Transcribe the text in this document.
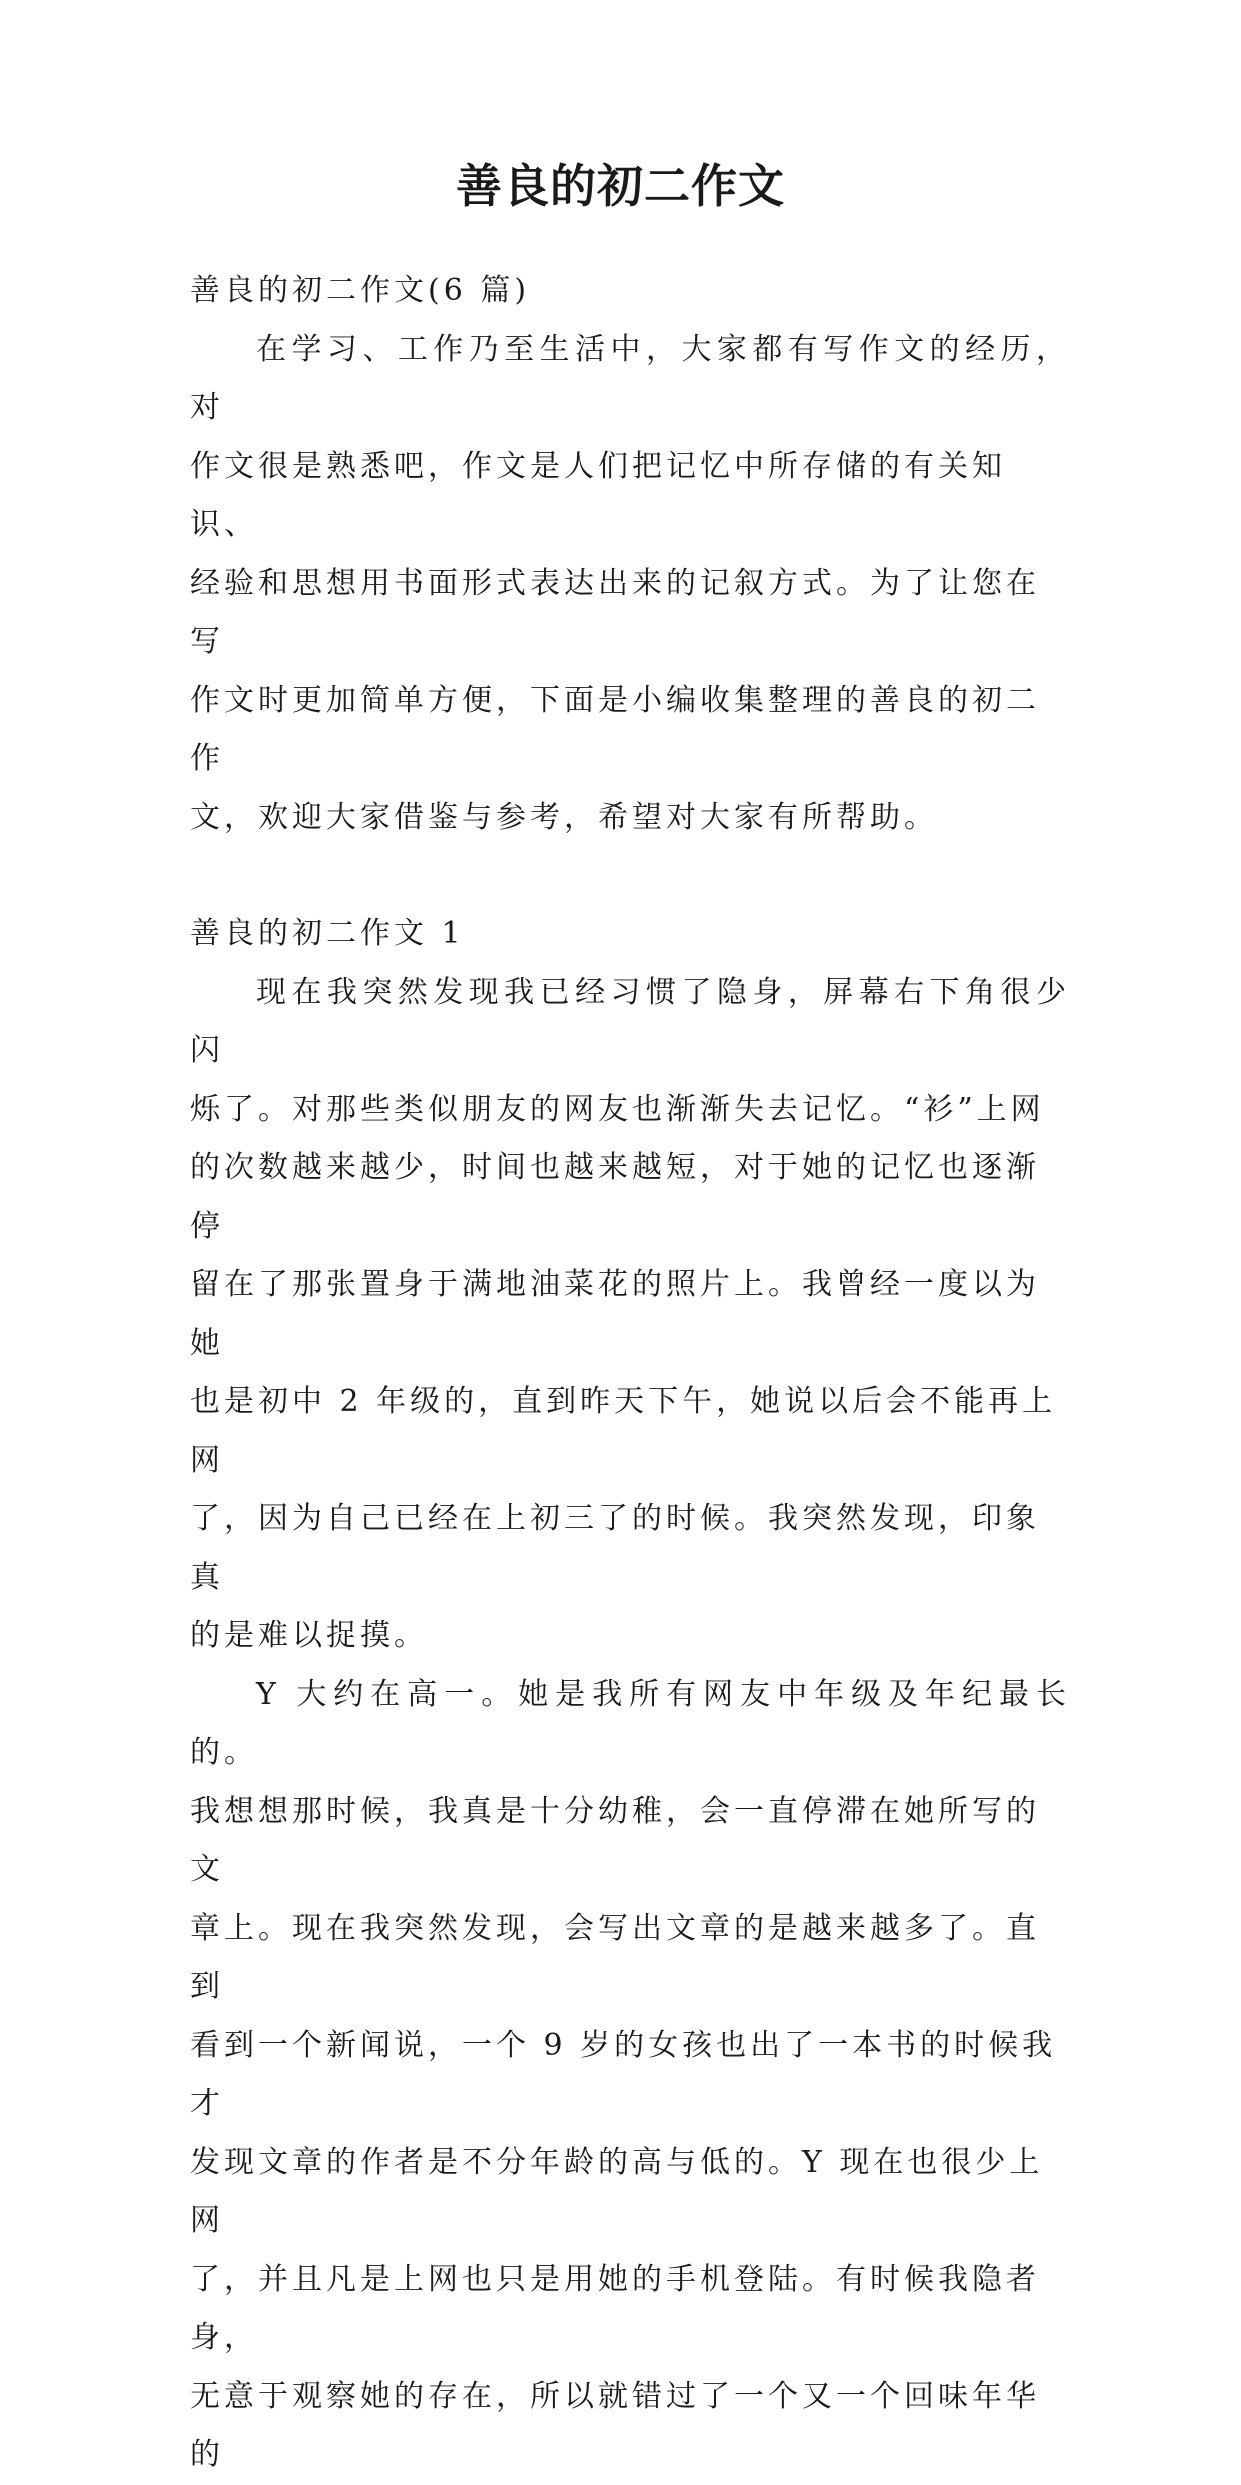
善良的初二作文

善良的初二作文(6 篇)

在学习、工作乃至生活中，大家都有写作文的经历，对

作文很是熟悉吧，作文是人们把记忆中所存储的有关知识、

经验和思想用书面形式表达出来的记叙方式。为了让您在写

作文时更加简单方便，下面是小编收集整理的善良的初二作

文，欢迎大家借鉴与参考，希望对大家有所帮助。

善良的初二作文 1

现在我突然发现我已经习惯了隐身，屏幕右下角很少闪

烁了。对那些类似朋友的网友也渐渐失去记忆。“衫”上网

的次数越来越少，时间也越来越短，对于她的记忆也逐渐停

留在了那张置身于满地油菜花的照片上。我曾经一度以为她

也是初中 2 年级的，直到昨天下午，她说以后会不能再上网

了，因为自己已经在上初三了的时候。我突然发现，印象真

的是难以捉摸。

Y 大约在高一。她是我所有网友中年级及年纪最长的。

我想想那时候，我真是十分幼稚，会一直停滞在她所写的文

章上。现在我突然发现，会写出文章的是越来越多了。直到

看到一个新闻说，一个 9 岁的女孩也出了一本书的时候我才

发现文章的作者是不分年龄的高与低的。Y 现在也很少上网

了，并且凡是上网也只是用她的手机登陆。有时候我隐者身，

无意于观察她的存在，所以就错过了一个又一个回味年华的
